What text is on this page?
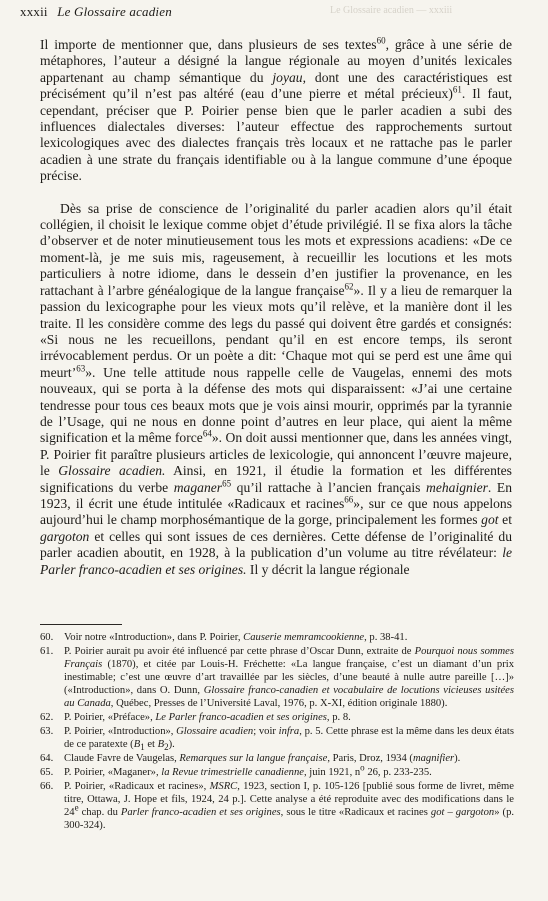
xxxii Le Glossaire acadien	Le Glossaire acadien — xxxiii

Il importe de mentionner que, dans plusieurs de ses textes$^{60}$, grâce à une série de métaphores, l’auteur a désigné la langue régionale au moyen d’unités lexicales appartenant au champ sémantique du joyau, dont une des caractéristiques est précisément qu’il n’est pas altéré (eau d’une pierre et métal précieux)$^{61}$. Il faut, cependant, préciser que P. Poirier pense bien que le parler acadien a subi des influences dialectales diverses: l’auteur effectue des rapprochements surtout lexicologiques avec des dialectes français très locaux et ne rattache pas le parler acadien à une strate du français identifiable ou à la langue commune d’une époque précise.

Dès sa prise de conscience de l’originalité du parler acadien alors qu’il était collégien, il choisit le lexique comme objet d’étude privilégié. Il se fixa alors la tâche d’observer et de noter minutieusement tous les mots et expressions acadiens: «De ce moment-là, je me suis mis, rageusement, à recueillir les locutions et les mots particuliers à notre idiome, dans le dessein d’en justifier la provenance, en les rattachant à l’arbre généalogique de la langue française$^{62}$». Il y a lieu de remarquer la passion du lexicographe pour les vieux mots qu’il relève, et la manière dont il les traite. Il les considère comme des legs du passé qui doivent être gardés et consignés: «Si nous ne les recueillons, pendant qu’il en est encore temps, ils seront irrévocablement perdus. Or un poète a dit: ‘Chaque mot qui se perd est une âme qui meurt’$^{63}$». Une telle attitude nous rappelle celle de Vaugelas, ennemi des mots nouveaux, qui se porta à la défense des mots qui disparaissent: «J’ai une certaine tendresse pour tous ces beaux mots que je vois ainsi mourir, opprimés par la tyrannie de l’Usage, qui ne nous en donne point d’autres en leur place, qui aient la même signification et la même force$^{64}$». On doit aussi mentionner que, dans les années vingt, P. Poirier fit paraître plusieurs articles de lexicologie, qui annoncent l’œuvre majeure, le Glossaire acadien. Ainsi, en 1921, il étudie la formation et les différentes significations du verbe maganer$^{65}$ qu’il rattache à l’ancien français mehaignier. En 1923, il écrit une étude intitulée «Radicaux et racines$^{66}$», sur ce que nous appelons aujourd’hui le champ morphosémantique de la gorge, principalement les formes got et gargoton et celles qui sont issues de ces dernières. Cette défense de l’originalité du parler acadien aboutit, en 1928, à la publication d’un volume au titre révélateur: le Parler franco-acadien et ses origines. Il y décrit la langue régionale

60.	Voir notre «Introduction», dans P. Poirier, Causerie memramcookienne, p. 38-41.
61.	P. Poirier aurait pu avoir été influencé par cette phrase d’Oscar Dunn, extraite de Pourquoi nous sommes Français (1870), et citée par Louis-H. Fréchette: «La langue française, c’est un diamant d’un prix inestimable; c’est une œuvre d’art travaillée par les siècles, d’une beauté à nulle autre pareille […]» («Introduction», dans O. Dunn, Glossaire franco-canadien et vocabulaire de locutions vicieuses usitées au Canada, Québec, Presses de l’Université Laval, 1976, p. X-XI, édition originale 1880).
62.	P. Poirier, «Préface», Le Parler franco-acadien et ses origines, p. 8.
63.	P. Poirier, «Introduction», Glossaire acadien; voir infra, p. 5. Cette phrase est la même dans les deux états de ce paratexte ($B_1$ et $B_2$).
64.	Claude Favre de Vaugelas, Remarques sur la langue française, Paris, Droz, 1934 (magnifier).
65.	P. Poirier, «Maganer», la Revue trimestrielle canadienne, juin 1921, $n^o$ 26, p. 233-235.
66.	P. Poirier, «Radicaux et racines», MSRC, 1923, section I, p. 105-126 [publié sous forme de livret, même titre, Ottawa, J. Hope et fils, 1924, 24 p.]. Cette analyse a été reproduite avec des modifications dans le 24e chap. du Parler franco-acadien et ses origines, sous le titre «Radicaux et racines got – gargoton» (p. 300-324).
